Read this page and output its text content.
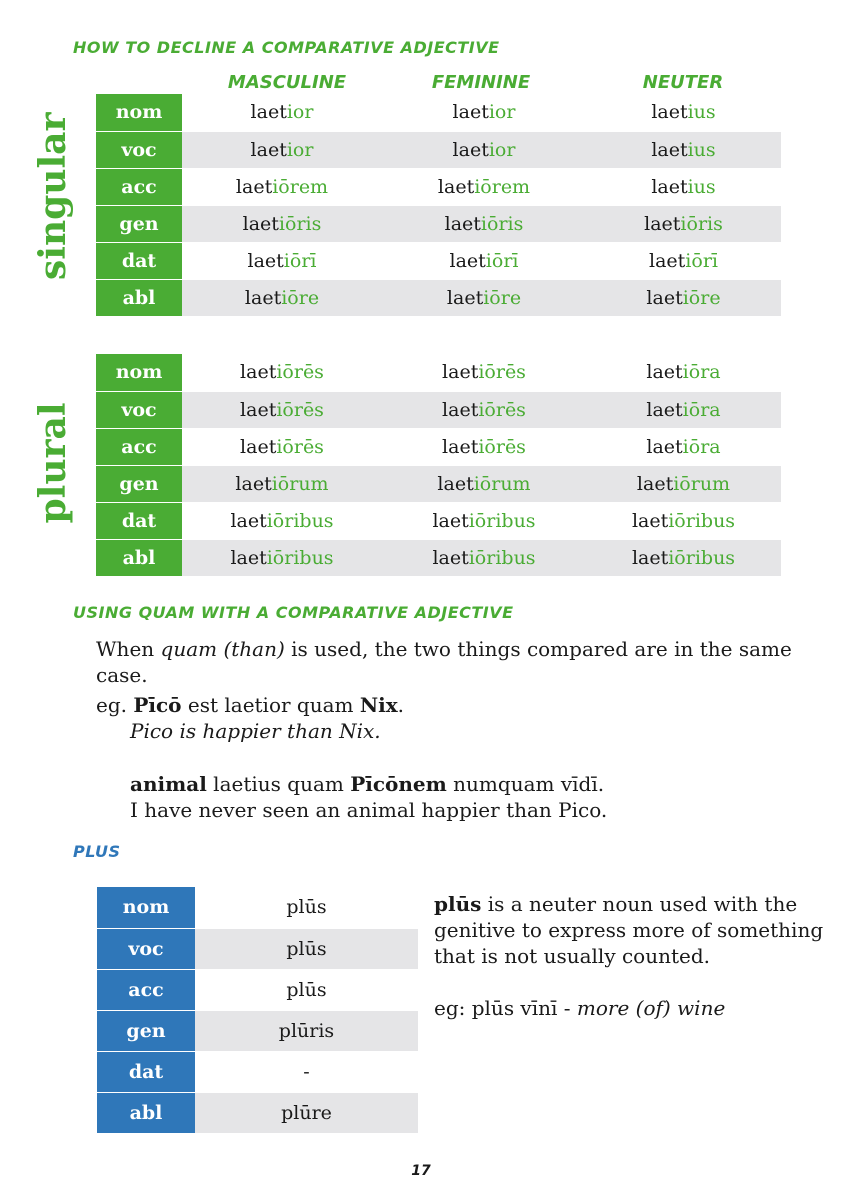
HOW TO DECLINE A COMPARATIVE ADJECTIVE
MASCULINE	FEMININE	NEUTER
singular
plural
nom	laetior	laetior	laetius
voc	laetior	laetior	laetius
acc	laetiōrem	laetiōrem	laetius
gen	laetiōris	laetiōris	laetiōris
dat	laetiōrī	laetiōrī	laetiōrī
abl	laetiōre	laetiōre	laetiōre
nom	laetiōrēs	laetiōrēs	laetiōra
voc	laetiōrēs	laetiōrēs	laetiōra
acc	laetiōrēs	laetiōrēs	laetiōra
gen	laetiōrum	laetiōrum	laetiōrum
dat	laetiōribus	laetiōribus	laetiōribus
abl	laetiōribus	laetiōribus	laetiōribus
USING QUAM WITH A COMPARATIVE ADJECTIVE
When quam (than) is used, the two things compared are in the same case.
eg. Pīcō est laetior quam Nix.
Pico is happier than Nix.
animal laetius quam Pīcōnem numquam vīdī.
I have never seen an animal happier than Pico.
PLUS
nom	plūs
voc	plūs
acc	plūs
gen	plūris
dat	-
abl	plūre
plūs is a neuter noun used with the
genitive to express more of something
that is not usually counted.
eg: plūs vīnī - more (of) wine
17
